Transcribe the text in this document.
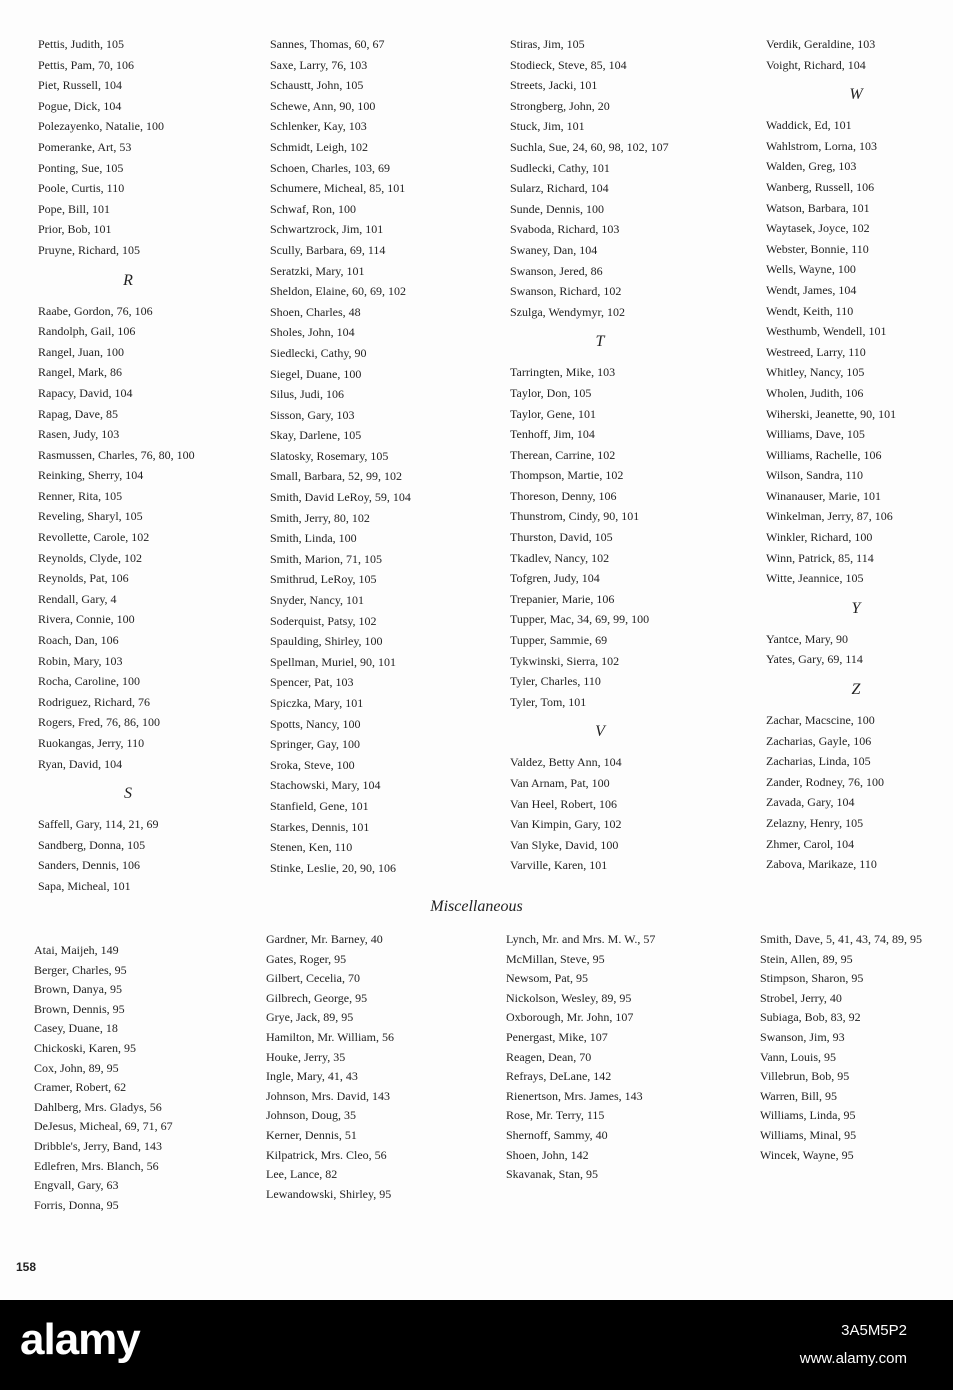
Pettis, Judith, 105
Pettis, Pam, 70, 106
Piet, Russell, 104
Pogue, Dick, 104
Polezayenko, Natalie, 100
Pomeranke, Art, 53
Ponting, Sue, 105
Poole, Curtis, 110
Pope, Bill, 101
Prior, Bob, 101
Pruyne, Richard, 105
R
Raabe, Gordon, 76, 106
Randolph, Gail, 106
Rangel, Juan, 100
Rangel, Mark, 86
Rapacy, David, 104
Rapag, Dave, 85
Rasen, Judy, 103
Rasmussen, Charles, 76, 80, 100
Reinking, Sherry, 104
Renner, Rita, 105
Reveling, Sharyl, 105
Revollette, Carole, 102
Reynolds, Clyde, 102
Reynolds, Pat, 106
Rendall, Gary, 4
Rivera, Connie, 100
Roach, Dan, 106
Robin, Mary, 103
Rocha, Caroline, 100
Rodriguez, Richard, 76
Rogers, Fred, 76, 86, 100
Ruokangas, Jerry, 110
Ryan, David, 104
S
Saffell, Gary, 114, 21, 69
Sandberg, Donna, 105
Sanders, Dennis, 106
Sapa, Micheal, 101
Sannes, Thomas, 60, 67
Saxe, Larry, 76, 103
Schaustt, John, 105
Schewe, Ann, 90, 100
Schlenker, Kay, 103
Schmidt, Leigh, 102
Schoen, Charles, 103, 69
Schumere, Micheal, 85, 101
Schwaf, Ron, 100
Schwartzrock, Jim, 101
Scully, Barbara, 69, 114
Seratzki, Mary, 101
Sheldon, Elaine, 60, 69, 102
Shoen, Charles, 48
Sholes, John, 104
Siedlecki, Cathy, 90
Siegel, Duane, 100
Silus, Judi, 106
Sisson, Gary, 103
Skay, Darlene, 105
Slatosky, Rosemary, 105
Small, Barbara, 52, 99, 102
Smith, David LeRoy, 59, 104
Smith, Jerry, 80, 102
Smith, Linda, 100
Smith, Marion, 71, 105
Smithrud, LeRoy, 105
Snyder, Nancy, 101
Soderquist, Patsy, 102
Spaulding, Shirley, 100
Spellman, Muriel, 90, 101
Spencer, Pat, 103
Spiczka, Mary, 101
Spotts, Nancy, 100
Springer, Gay, 100
Sroka, Steve, 100
Stachowski, Mary, 104
Stanfield, Gene, 101
Starkes, Dennis, 101
Stenen, Ken, 110
Stinke, Leslie, 20, 90, 106
Stiras, Jim, 105
Stodieck, Steve, 85, 104
Streets, Jacki, 101
Strongberg, John, 20
Stuck, Jim, 101
Suchla, Sue, 24, 60, 98, 102, 107
Sudlecki, Cathy, 101
Sularz, Richard, 104
Sunde, Dennis, 100
Svaboda, Richard, 103
Swaney, Dan, 104
Swanson, Jered, 86
Swanson, Richard, 102
Szulga, Wendymyr, 102
T
Tarringten, Mike, 103
Taylor, Don, 105
Taylor, Gene, 101
Tenhoff, Jim, 104
Therean, Carrine, 102
Thompson, Martie, 102
Thoreson, Denny, 106
Thunstrom, Cindy, 90, 101
Thurston, David, 105
Tkadlev, Nancy, 102
Tofgren, Judy, 104
Trepanier, Marie, 106
Tupper, Mac, 34, 69, 99, 100
Tupper, Sammie, 69
Tykwinski, Sierra, 102
Tyler, Charles, 110
Tyler, Tom, 101
V
Valdez, Betty Ann, 104
Van Arnam, Pat, 100
Van Heel, Robert, 106
Van Kimpin, Gary, 102
Van Slyke, David, 100
Varville, Karen, 101
Verdik, Geraldine, 103
Voight, Richard, 104
W
Waddick, Ed, 101
Wahlstrom, Lorna, 103
Walden, Greg, 103
Wanberg, Russell, 106
Watson, Barbara, 101
Waytasek, Joyce, 102
Webster, Bonnie, 110
Wells, Wayne, 100
Wendt, James, 104
Wendt, Keith, 110
Westhumb, Wendell, 101
Westreed, Larry, 110
Whitley, Nancy, 105
Wholen, Judith, 106
Wiherski, Jeanette, 90, 101
Williams, Dave, 105
Williams, Rachelle, 106
Wilson, Sandra, 110
Winanauser, Marie, 101
Winkelman, Jerry, 87, 106
Winkler, Richard, 100
Winn, Patrick, 85, 114
Witte, Jeannice, 105
Y
Yantce, Mary, 90
Yates, Gary, 69, 114
Z
Zachar, Macscine, 100
Zacharias, Gayle, 106
Zacharias, Linda, 105
Zander, Rodney, 76, 100
Zavada, Gary, 104
Zelazny, Henry, 105
Zhmer, Carol, 104
Zabova, Marikaze, 110
Miscellaneous
Atai, Maijeh, 149
Berger, Charles, 95
Brown, Danya, 95
Brown, Dennis, 95
Casey, Duane, 18
Chickoski, Karen, 95
Cox, John, 89, 95
Cramer, Robert, 62
Dahlberg, Mrs. Gladys, 56
DeJesus, Micheal, 69, 71, 67
Dribble's, Jerry, Band, 143
Edlefren, Mrs. Blanch, 56
Engvall, Gary, 63
Forris, Donna, 95
Gardner, Mr. Barney, 40
Gates, Roger, 95
Gilbert, Cecelia, 70
Gilbrech, George, 95
Grye, Jack, 89, 95
Hamilton, Mr. William, 56
Houke, Jerry, 35
Ingle, Mary, 41, 43
Johnson, Mrs. David, 143
Johnson, Doug, 35
Kerner, Dennis, 51
Kilpatrick, Mrs. Cleo, 56
Lee, Lance, 82
Lewandowski, Shirley, 95
Lynch, Mr. and Mrs. M. W., 57
McMillan, Steve, 95
Newsom, Pat, 95
Nickolson, Wesley, 89, 95
Oxborough, Mr. John, 107
Penergast, Mike, 107
Reagen, Dean, 70
Refrays, DeLane, 142
Rienertson, Mrs. James, 143
Rose, Mr. Terry, 115
Shernoff, Sammy, 40
Shoen, John, 142
Skavanak, Stan, 95
Smith, Dave, 5, 41, 43, 74, 89, 95
Stein, Allen, 89, 95
Stimpson, Sharon, 95
Strobel, Jerry, 40
Subiaga, Bob, 83, 92
Swanson, Jim, 93
Vann, Louis, 95
Villebrun, Bob, 95
Warren, Bill, 95
Williams, Linda, 95
Williams, Minal, 95
Wincek, Wayne, 95
158
alamy	3A5M5P2
www.alamy.com
